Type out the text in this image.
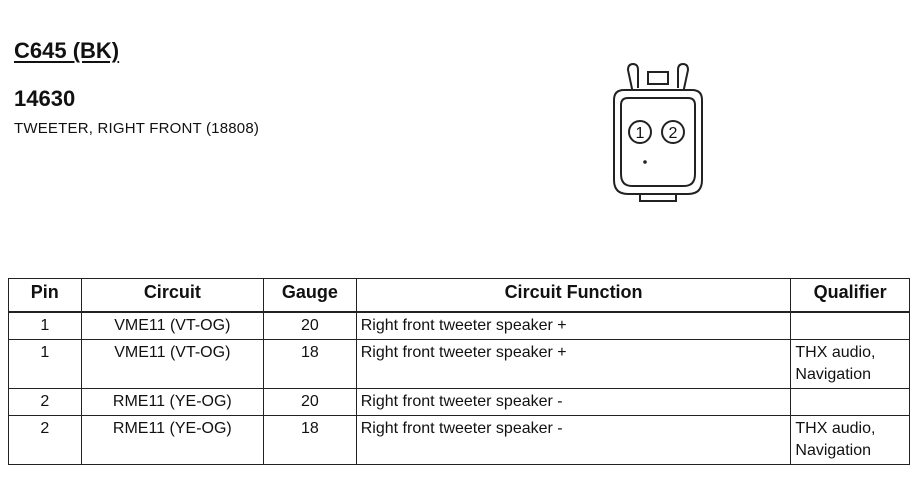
C645 (BK)
14630

TWEETER, RIGHT FRONT (18808)	1 2
Pin	Circuit	Gauge	Circuit Function	Qualifier
1	VME11 (VT-OG)	20	Right front tweeter speaker +	
1	VME11 (VT-OG)	18	Right front tweeter speaker +	THX audio,
Navigation
2	RME11 (YE-OG)	20	Right front tweeter speaker -	
2	RME11 (YE-OG)	18	Right front tweeter speaker -	THX audio,
Navigation
